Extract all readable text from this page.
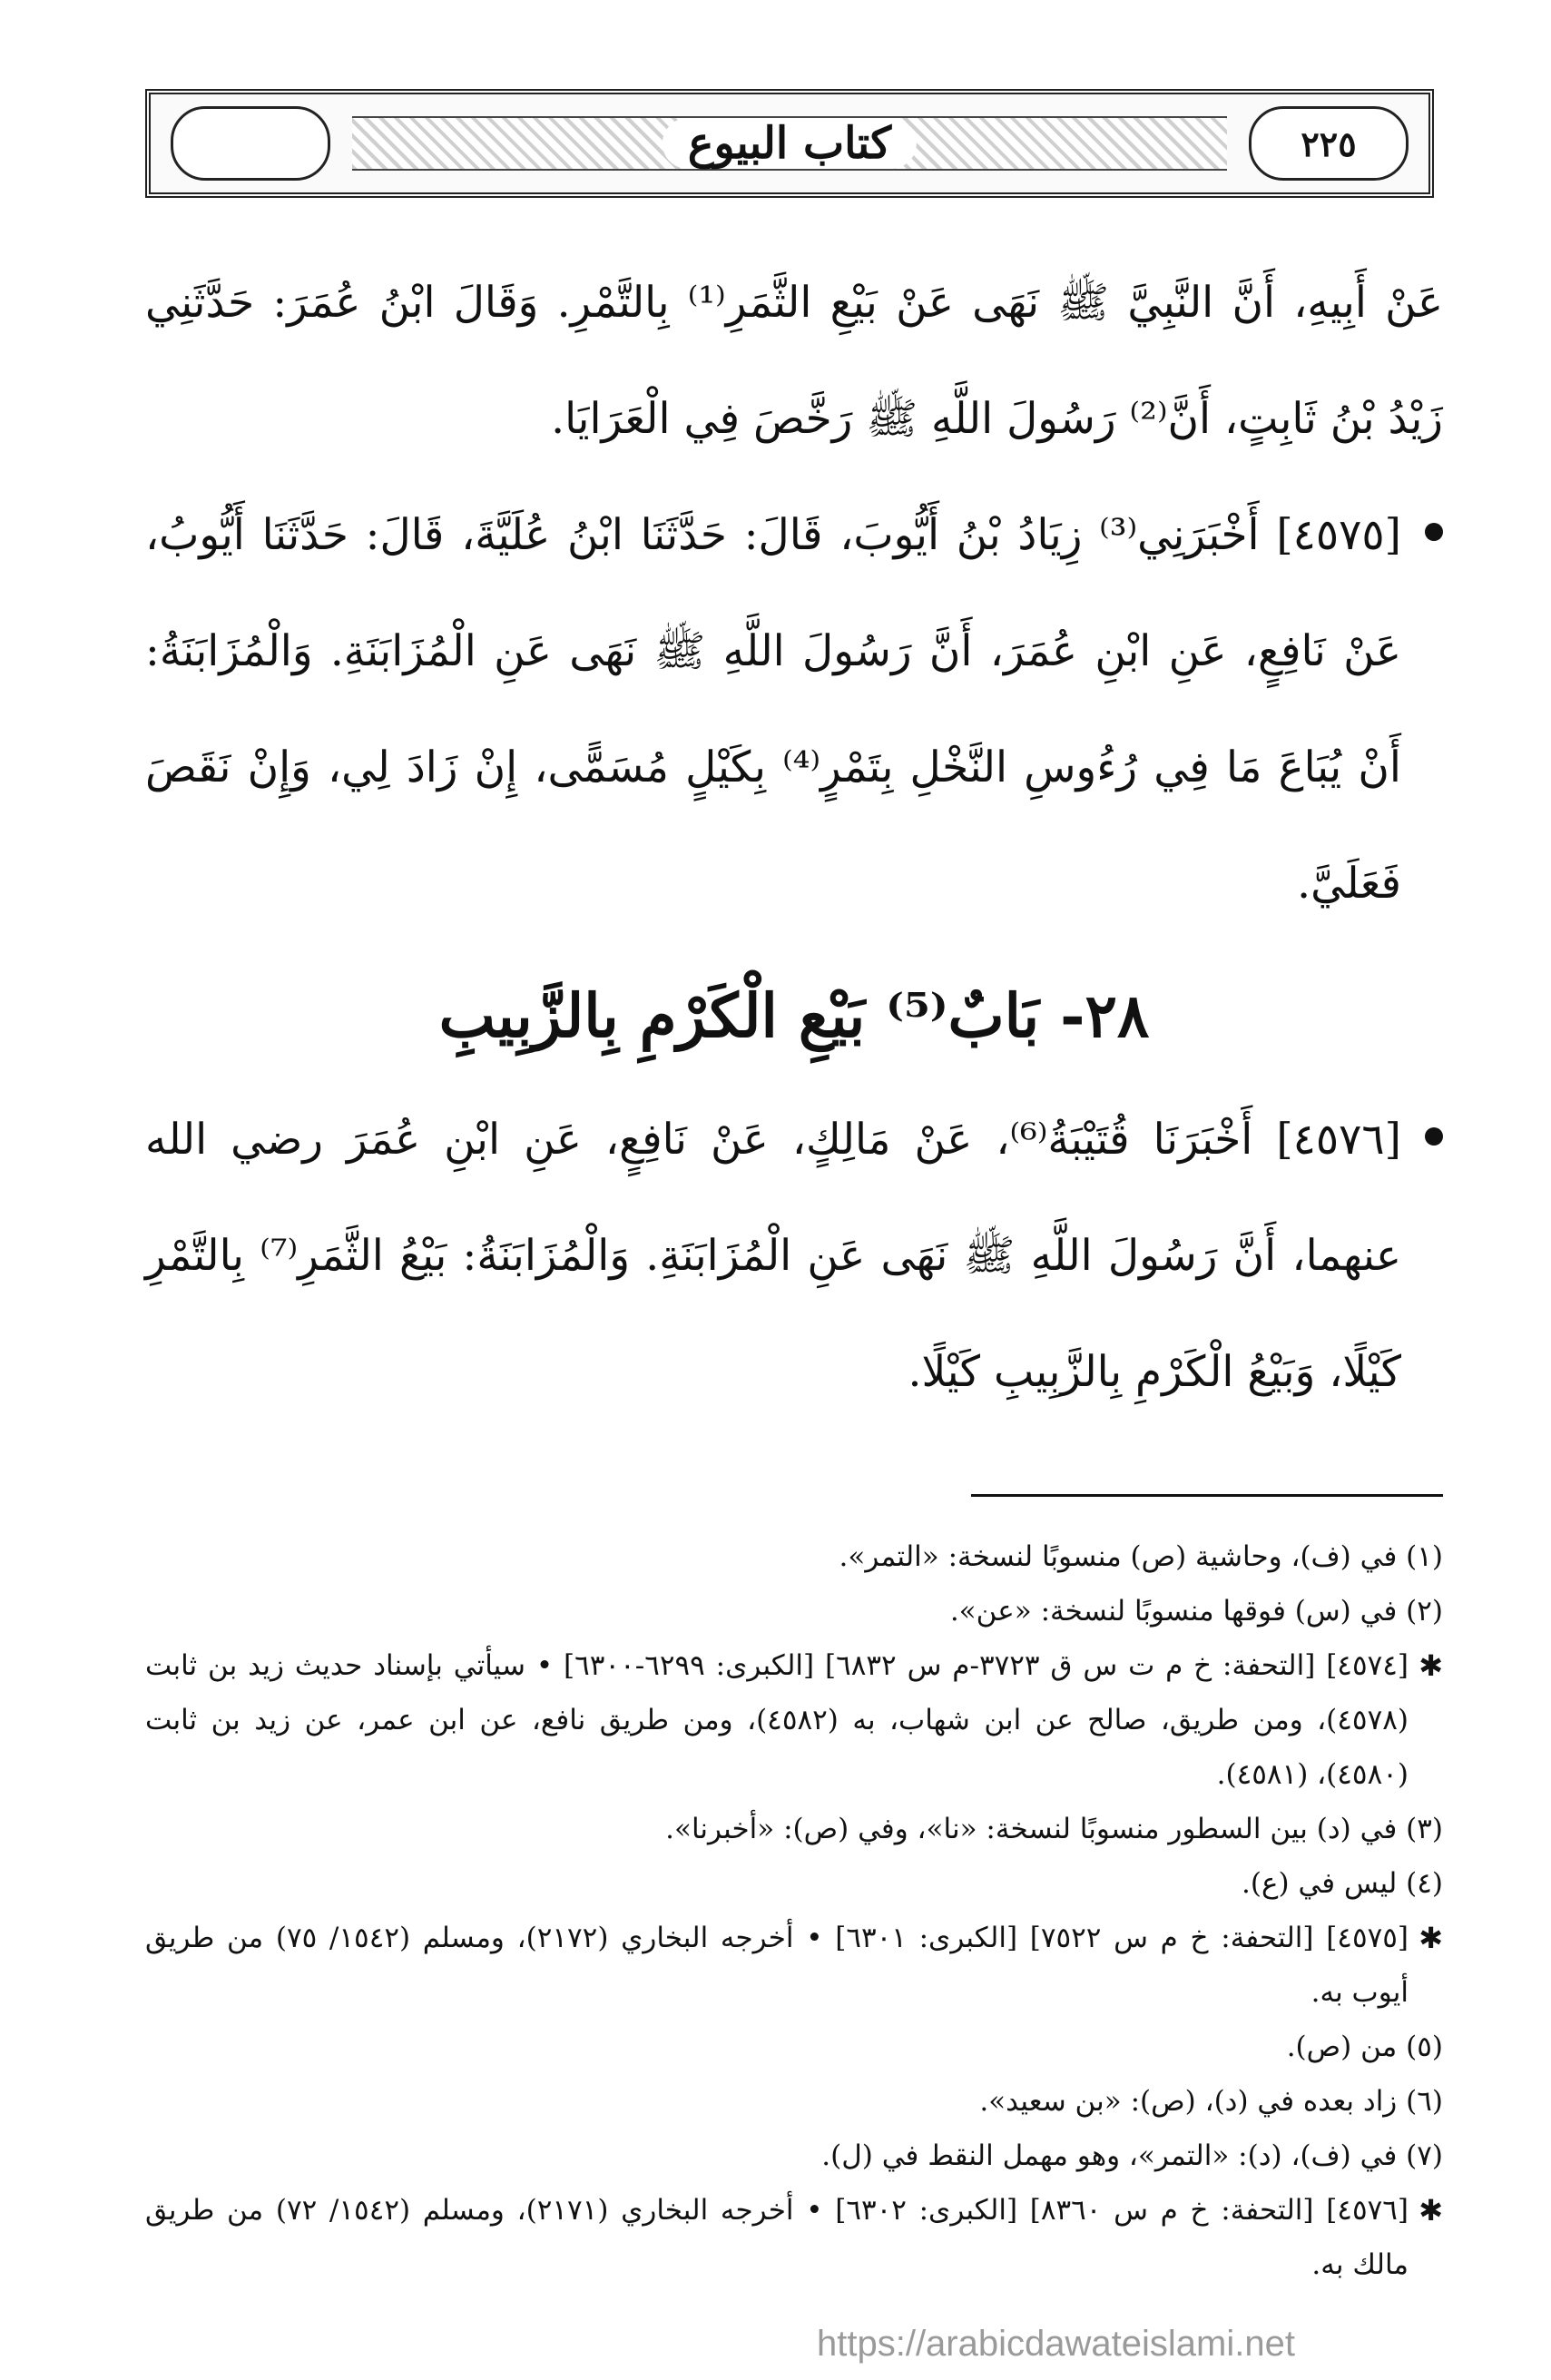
٢٢٥
كتاب البيوع

عَنْ أَبِيهِ، أَنَّ النَّبِيَّ ﷺ نَهَى عَنْ بَيْعِ الثَّمَرِ⁽¹⁾ بِالتَّمْرِ. وَقَالَ ابْنُ عُمَرَ: حَدَّثَنِي زَيْدُ بْنُ ثَابِتٍ، أَنَّ⁽²⁾ رَسُولَ اللَّهِ ﷺ رَخَّصَ فِي الْعَرَايَا.

[٤٥٧٥] أَخْبَرَنِي⁽³⁾ زِيَادُ بْنُ أَيُّوبَ، قَالَ: حَدَّثَنَا ابْنُ عُلَيَّةَ، قَالَ: حَدَّثَنَا أَيُّوبُ، عَنْ نَافِعٍ، عَنِ ابْنِ عُمَرَ، أَنَّ رَسُولَ اللَّهِ ﷺ نَهَى عَنِ الْمُزَابَنَةِ. وَالْمُزَابَنَةُ: أَنْ يُبَاعَ مَا فِي رُءُوسِ النَّخْلِ بِتَمْرٍ⁽⁴⁾ بِكَيْلٍ مُسَمًّى، إِنْ زَادَ لِي، وَإِنْ نَقَصَ فَعَلَيَّ.
٢٨- بَابٌ⁽⁵⁾ بَيْعِ الْكَرْمِ بِالزَّبِيبِ
[٤٥٧٦] أَخْبَرَنَا قُتَيْبَةُ⁽⁶⁾، عَنْ مَالِكٍ، عَنْ نَافِعٍ، عَنِ ابْنِ عُمَرَ رضي الله عنهما، أَنَّ رَسُولَ اللَّهِ ﷺ نَهَى عَنِ الْمُزَابَنَةِ. وَالْمُزَابَنَةُ: بَيْعُ الثَّمَرِ⁽⁷⁾ بِالتَّمْرِ كَيْلًا، وَبَيْعُ الْكَرْمِ بِالزَّبِيبِ كَيْلًا.

(١) في (ف)، وحاشية (ص) منسوبًا لنسخة: «التمر».

(٢) في (س) فوقها منسوبًا لنسخة: «عن».

✱
[٤٥٧٤] [التحفة: خ م ت س ق ٣٧٢٣-م س ٦٨٣٢] [الكبرى: ٦٢٩٩-٦٣٠٠] • سيأتي بإسناد حديث زيد بن ثابت (٤٥٧٨)، ومن طريق، صالح عن ابن شهاب، به (٤٥٨٢)، ومن طريق نافع، عن ابن عمر، عن زيد بن ثابت (٤٥٨٠)، (٤٥٨١).

(٣) في (د) بين السطور منسوبًا لنسخة: «نا»، وفي (ص): «أخبرنا».

(٤) ليس في (ع).

✱
[٤٥٧٥] [التحفة: خ م س ٧٥٢٢] [الكبرى: ٦٣٠١] • أخرجه البخاري (٢١٧٢)، ومسلم (١٥٤٢/ ٧٥) من طريق أيوب به.

(٥) من (ص).

(٦) زاد بعده في (د)، (ص): «بن سعيد».

(٧) في (ف)، (د): «التمر»، وهو مهمل النقط في (ل).

✱
[٤٥٧٦] [التحفة: خ م س ٨٣٦٠] [الكبرى: ٦٣٠٢] • أخرجه البخاري (٢١٧١)، ومسلم (١٥٤٢/ ٧٢) من طريق مالك به.
https://arabicdawateislami.net
